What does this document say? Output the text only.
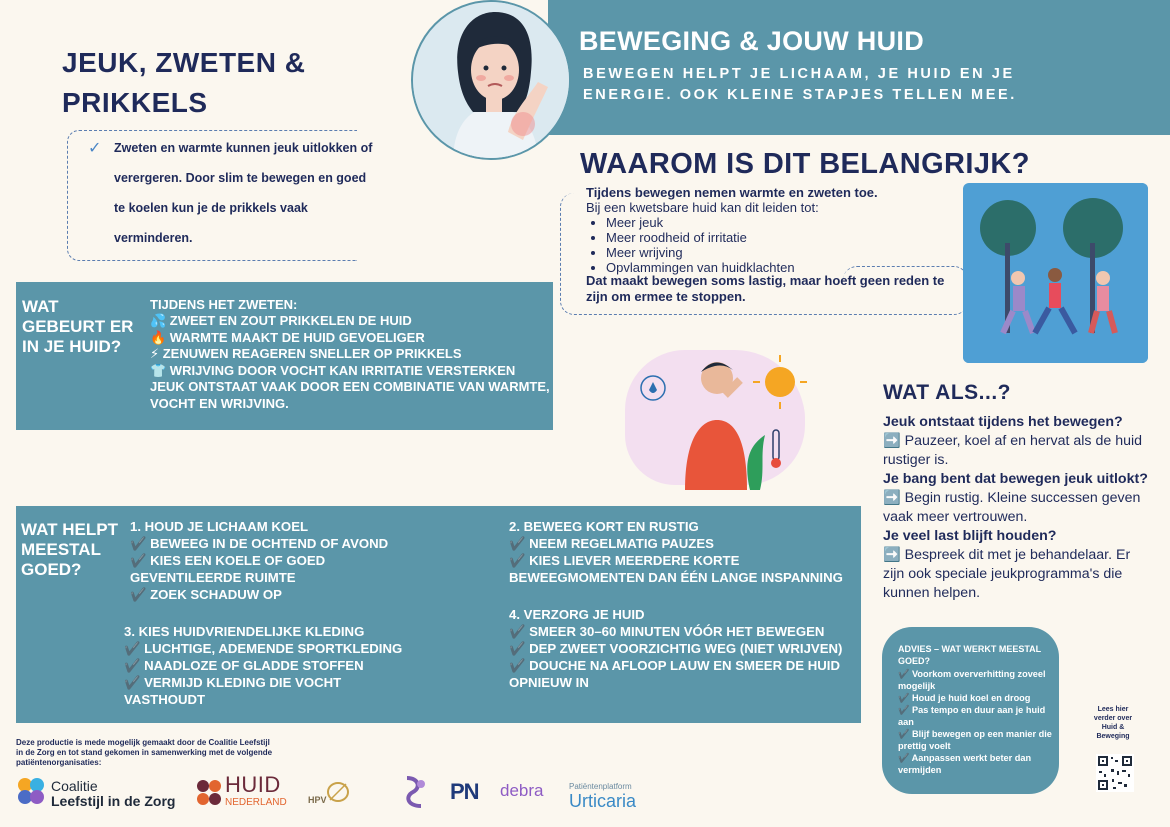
BEWEGING & JOUW HUID
BEWEGEN HELPT JE LICHAAM, JE HUID EN JE ENERGIE. OOK KLEINE STAPJES TELLEN MEE.
JEUK, ZWETEN &
PRIKKELS
✓ Zweten en warmte kunnen jeuk uitlokken of verergeren. Door slim te bewegen en goed te koelen kun je de prikkels vaak verminderen.
WAAROM IS DIT BELANGRIJK?
Tijdens bewegen nemen warmte en zweten toe.
Bij een kwetsbare huid kan dit leiden tot:
• Meer jeuk
• Meer roodheid of irritatie
• Meer wrijving
• Opvlammingen van huidklachten
Dat maakt bewegen soms lastig, maar hoeft geen reden te zijn om ermee te stoppen.
WAT GEBEURT ER IN JE HUID?
TIJDENS HET ZWETEN:
💦 ZWEET EN ZOUT PRIKKELEN DE HUID
🔥 WARMTE MAAKT DE HUID GEVOELIGER
⚡ ZENUWEN REAGEREN SNELLER OP PRIKKELS
👕 WRIJVING DOOR VOCHT KAN IRRITATIE VERSTERKEN
JEUK ONTSTAAT VAAK DOOR EEN COMBINATIE VAN WARMTE, VOCHT EN WRIJVING.	WAT ALS...?
Jeuk ontstaat tijdens het bewegen?
➡️ Pauzeer, koel af en hervat als de huid rustiger is.
Je bang bent dat bewegen jeuk uitlokt?
➡️ Begin rustig. Kleine successen geven vaak meer vertrouwen.
Je veel last blijft houden?
➡️ Bespreek dit met je behandelaar. Er zijn ook speciale jeukprogramma's die kunnen helpen.
WAT HELPT MEESTAL GOED?
1. HOUD JE LICHAAM KOEL
✔️ BEWEEG IN DE OCHTEND OF AVOND
✔️ KIES EEN KOELE OF GOED GEVENTILEERDE RUIMTE
✔️ ZOEK SCHADUW OP
3. KIES HUIDVRIENDELIJKE KLEDING
✔️ LUCHTIGE, ADEMENDE SPORTKLEDING
✔️ NAADLOZE OF GLADDE STOFFEN
✔️ VERMIJD KLEDING DIE VOCHT VASTHOUDT
2. BEWEEG KORT EN RUSTIG
✔️ NEEM REGELMATIG PAUZES
✔️ KIES LIEVER MEERDERE KORTE BEWEEGMOMENTEN DAN ÉÉN LANGE INSPANNING
4. VERZORG JE HUID
✔️ SMEER 30–60 MINUTEN VÓÓR HET BEWEGEN
✔️ DEP ZWEET VOORZICHTIG WEG (NIET WRIJVEN)
✔️ DOUCHE NA AFLOOP LAUW EN SMEER DE HUID OPNIEUW IN
ADVIES – WAT WERKT MEESTAL GOED?
✔️ Voorkom oververhitting zoveel mogelijk
✔️ Houd je huid koel en droog
✔️ Pas tempo en duur aan je huid aan
✔️ Blijf bewegen op een manier die prettig voelt
✔️ Aanpassen werkt beter dan vermijden
Lees hier verder over Huid & Beweging
Deze productie is mede mogelijk gemaakt door de Coalitie Leefstijl in de Zorg en tot stand gekomen in samenwerking met de volgende patiëntenorganisaties:
Coalitie
Leefstijl in de Zorg
HUID
NEDERLAND HPV	PN debra	Patiëntenplatform
Urticaria
